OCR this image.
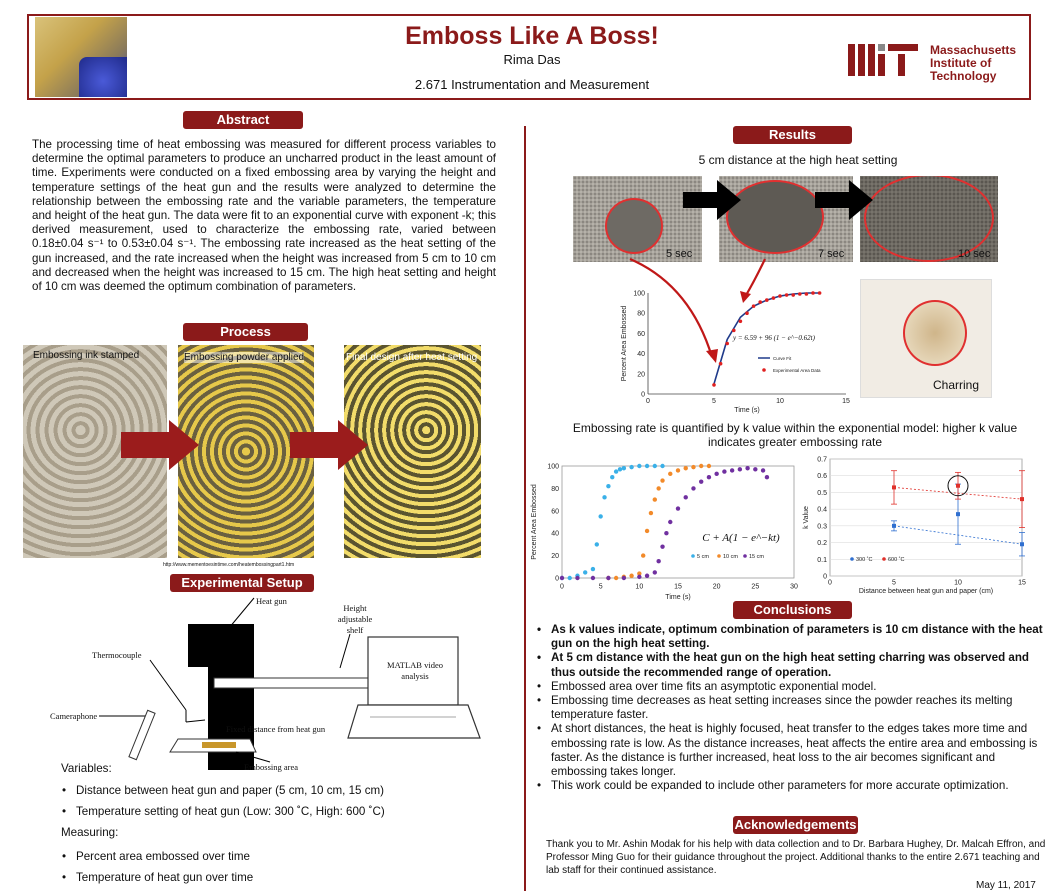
Emboss Like A Boss!
Rima Das
2.671 Instrumentation and Measurement
Massachusetts
Institute of
Technology
Abstract
The processing time of heat embossing was measured for different process variables to determine the optimal parameters to produce an uncharred product in the least amount of time. Experiments were conducted on a fixed embossing area by varying the height and temperature settings of the heat gun and the results were analyzed to determine the relationship between the embossing rate and the variable parameters, the temperature and height of the heat gun. The data were fit to an exponential curve with exponent -k; this derived measurement, used to characterize the embossing rate, varied between 0.18±0.04 s⁻¹ to 0.53±0.04 s⁻¹. The embossing rate increased as the heat setting of the gun increased, and the rate increased when the height was increased from 5 cm to 10 cm and decreased when the height was increased to 15 cm. The high heat setting and height of 10 cm was deemed the optimum combination of parameters.
Process
Embossing ink stamped	Embossing powder applied	Final design after heat setting
http://www.mementoesintime.com/heatembossingpart1.htm
Experimental Setup
Heat gun
Height adjustable shelf
Thermocouple
MATLAB video analysis
Cameraphone
Fixed distance from heat gun
Embossing area
Variables:
• Distance between heat gun and paper (5 cm, 10 cm, 15 cm)
• Temperature setting of heat gun (Low: 300 ˚C, High: 600 ˚C)
Measuring:
• Percent area embossed over time
• Temperature of heat gun over time
Results
5 cm distance at the high heat setting
5 sec	7 sec	10 sec
0	5	10	15
0
20
40
60
80
100
Time (s)
Percent Area Embossed	y = 6.59 + 96 (1 − e^−0.62t)
Curve Fit
Experimental Area Data
Charring
Embossing rate is quantified by k value within the exponential model: higher k value indicates greater embossing rate
0	5	10	15	20	25	30
0
20
40
60
80
100
Time (s)
Percent Area Embossed	C + A(1 − e^−kt)
5 cm	10 cm 15 cm
0	5	10	15
0
0.1
0.2
0.3
0.4
0.5
0.6
0.7
Distance between heat gun and paper (cm)
k Value
300 ˚C	600 ˚C
Conclusions
• As k values indicate, optimum combination of parameters is 10 cm distance with the heat gun on the high heat setting.
• At 5 cm distance with the heat gun on the high heat setting charring was observed and thus outside the recommended range of operation.
• Embossed area over time fits an asymptotic exponential model.
• Embossing time decreases as heat setting increases since the powder reaches its melting temperature faster.
• At short distances, the heat is highly focused, heat transfer to the edges takes more time and embossing rate is low. As the distance increases, heat affects the entire area and embossing is faster. As the distance is further increased, heat loss to the air becomes significant and embossing takes longer.
• This work could be expanded to include other parameters for more accurate optimization.
Acknowledgements
Thank you to Mr. Ashin Modak for his help with data collection and to Dr. Barbara Hughey, Dr. Malcah Effron, and Professor Ming Guo for their guidance throughout the project. Additional thanks to the entire 2.671 teaching and lab staff for their continued assistance.
May 11, 2017
